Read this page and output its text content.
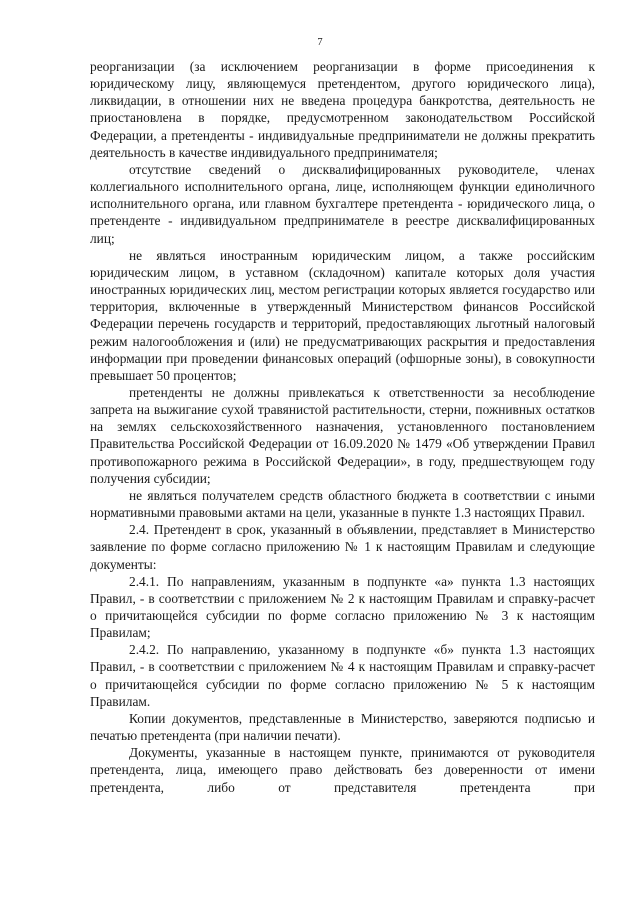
7

реорганизации (за исключением реорганизации в форме присоединения к юридическому лицу, являющемуся претендентом, другого юридического лица), ликвидации, в отношении них не введена процедура банкротства, деятельность не приостановлена в порядке, предусмотренном законодательством Российской Федерации, а претенденты - индивидуальные предприниматели не должны прекратить деятельность в качестве индивидуального предпринимателя;

отсутствие сведений о дисквалифицированных руководителе, членах коллегиального исполнительного органа, лице, исполняющем функции единоличного исполнительного органа, или главном бухгалтере претендента - юридического лица, о претенденте - индивидуальном предпринимателе в реестре дисквалифицированных лиц;

не являться иностранным юридическим лицом, а также российским юридическим лицом, в уставном (складочном) капитале которых доля участия иностранных юридических лиц, местом регистрации которых является государство или территория, включенные в утвержденный Министерством финансов Российской Федерации перечень государств и территорий, предоставляющих льготный налоговый режим налогообложения и (или) не предусматривающих раскрытия и предоставления информации при проведении финансовых операций (офшорные зоны), в совокупности превышает 50 процентов;

претенденты не должны привлекаться к ответственности за несоблюдение запрета на выжигание сухой травянистой растительности, стерни, пожнивных остатков на землях сельскохозяйственного назначения, установленного постановлением Правительства Российской Федерации от 16.09.2020 № 1479 «Об утверждении Правил противопожарного режима в Российской Федерации», в году, предшествующем году получения субсидии;

не являться получателем средств областного бюджета в соответствии с иными нормативными правовыми актами на цели, указанные в пункте 1.3 настоящих Правил.

2.4. Претендент в срок, указанный в объявлении, представляет в Министерство заявление по форме согласно приложению № 1 к настоящим Правилам и следующие документы:

2.4.1. По направлениям, указанным в подпункте «а» пункта 1.3 настоящих Правил, - в соответствии с приложением № 2 к настоящим Правилам и справку-расчет о причитающейся субсидии по форме согласно приложению № 3 к настоящим Правилам;

2.4.2. По направлению, указанному в подпункте «б» пункта 1.3 настоящих Правил, - в соответствии с приложением № 4 к настоящим Правилам и справку-расчет о причитающейся субсидии по форме согласно приложению № 5 к настоящим Правилам.

Копии документов, представленные в Министерство, заверяются подписью и печатью претендента (при наличии печати).

Документы, указанные в настоящем пункте, принимаются от руководителя претендента, лица, имеющего право действовать без доверенности от имени претендента, либо от представителя претендента при
